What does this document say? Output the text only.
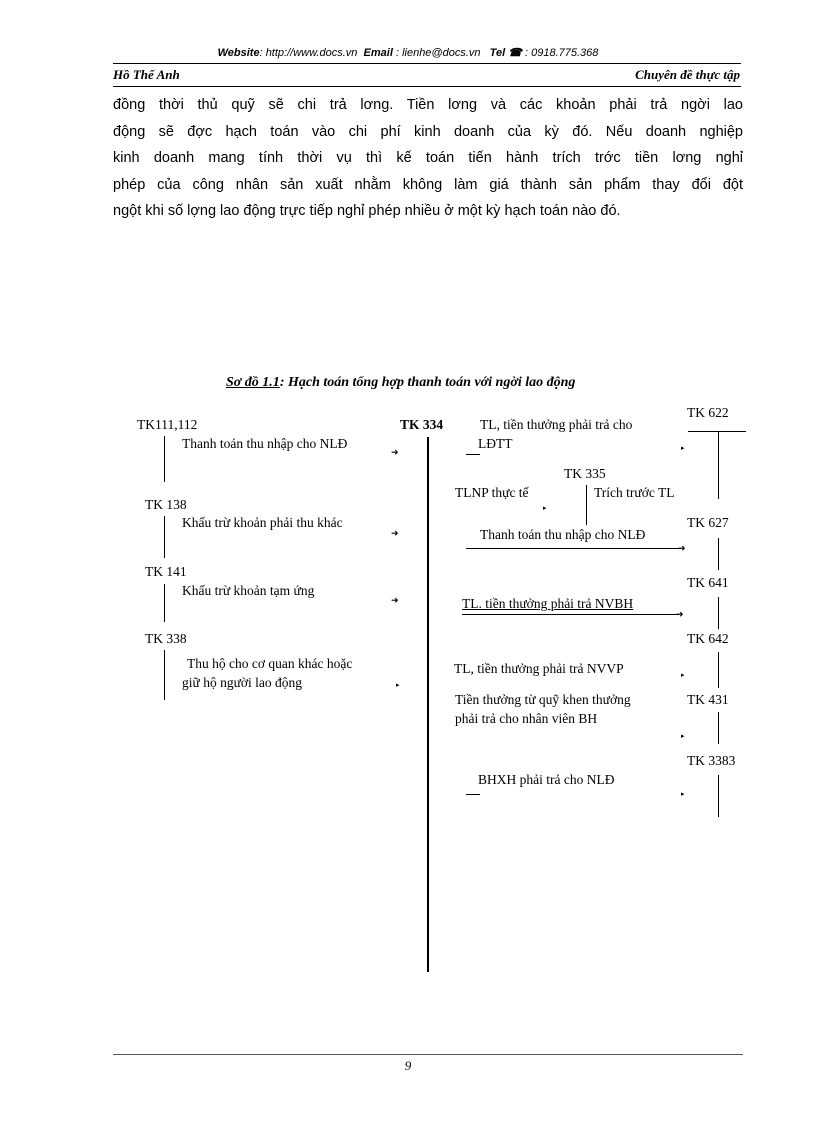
Website: http://www.docs.vn Email : lienhe@docs.vn Tel ☎ : 0918.775.368
Hồ Thế Anh	Chuyên đề thực tập
đồng thời thủ quỹ sẽ chi trả lơng. Tiền lơng và các khoản phải trả ngời lao
động sẽ đợc hạch toán vào chi phí kinh doanh của kỳ đó. Nếu doanh nghiệp
kinh doanh mang tính thời vụ thì kế toán tiến hành trích trớc tiền lơng nghỉ
phép của công nhân sản xuất nhằm không làm giá thành sản phẩm thay đổi đột
ngột khi số lợng lao động trực tiếp nghỉ phép nhiều ở một kỳ hạch toán nào đó.
Sơ đồ 1.1: Hạch toán tổng hợp thanh toán với ngời lao động
TK 334
TK111,112
Thanh toán thu nhập cho NLĐ
➜
TK 138
Khấu trừ khoản phải thu khác
➜
TK 141
Khấu trừ khoản tạm ứng
➜
TK 338
Thu hộ cho cơ quan khác hoặc
giữ hộ người lao động	▸
TK 622
TL, tiền thưởng phải trả cho
LĐTT	▸
TK 335
TLNP thực tế	Trích trước TL
▸
TK 627
Thanh toán thu nhập cho NLĐ
➜
TK 641
TL. tiền thưởng phải trả NVBH
➜
TK 642
TL, tiền thưởng phải trả NVVP	▸
TK 431
Tiền thưởng từ quỹ khen thưởng
phải trả cho nhân viên BH
▸
TK 3383
BHXH phải trả cho NLĐ
▸
9
